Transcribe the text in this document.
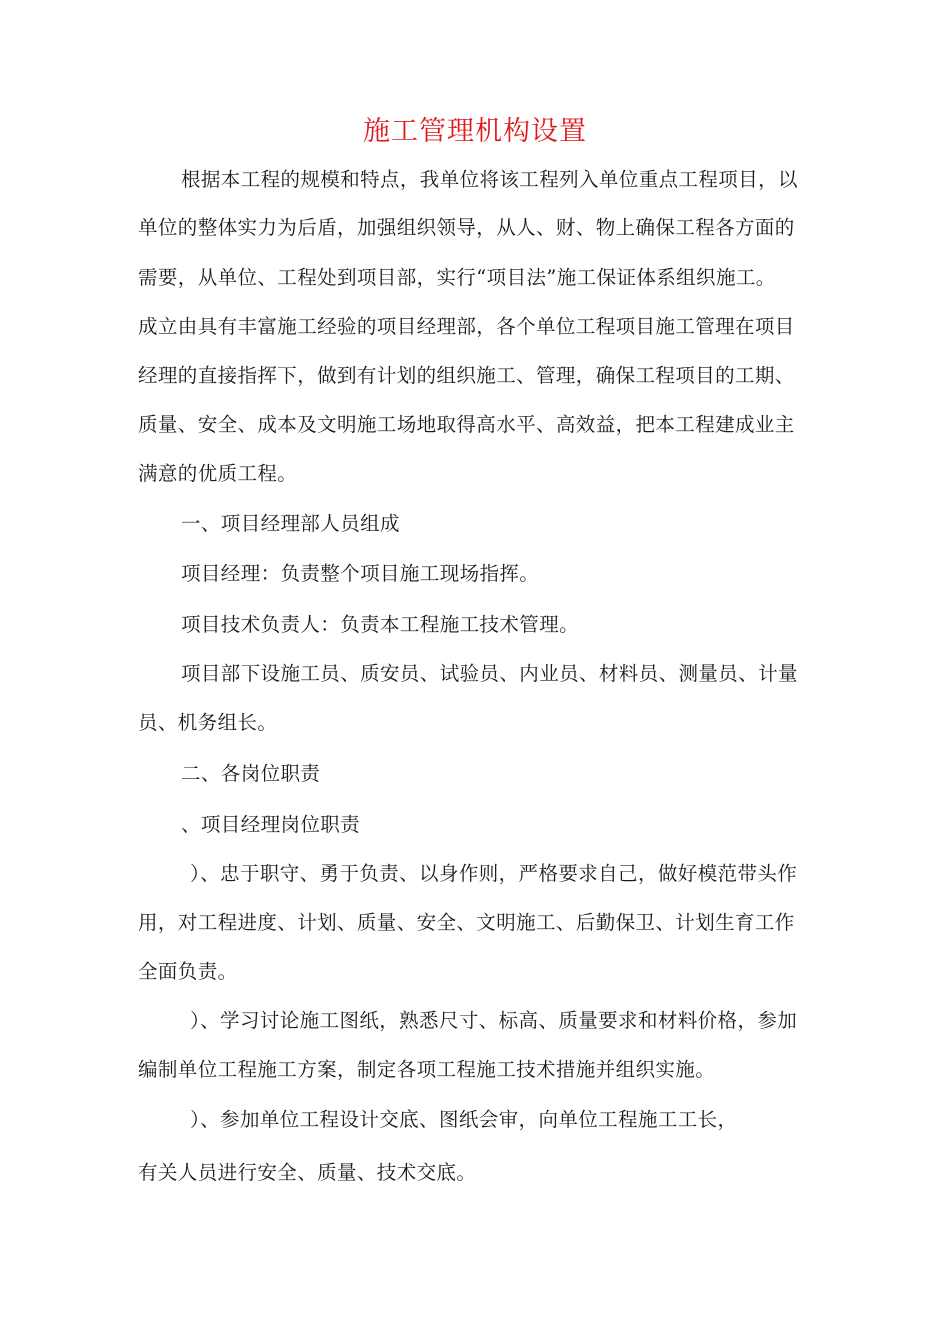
施工管理机构设置
根据本工程的规模和特点，我单位将该工程列入单位重点工程项目，以
单位的整体实力为后盾，加强组织领导，从人、财、物上确保工程各方面的
需要，从单位、工程处到项目部，实行“项目法”施工保证体系组织施工。
成立由具有丰富施工经验的项目经理部，各个单位工程项目施工管理在项目
经理的直接指挥下，做到有计划的组织施工、管理，确保工程项目的工期、
质量、安全、成本及文明施工场地取得高水平、高效益，把本工程建成业主
满意的优质工程。
一、项目经理部人员组成
项目经理：负责整个项目施工现场指挥。
项目技术负责人：负责本工程施工技术管理。
项目部下设施工员、质安员、试验员、内业员、材料员、测量员、计量
员、机务组长。
二、各岗位职责
、项目经理岗位职责
）、忠于职守、勇于负责、以身作则，严格要求自己，做好模范带头作
用，对工程进度、计划、质量、安全、文明施工、后勤保卫、计划生育工作
全面负责。
）、学习讨论施工图纸，熟悉尺寸、标高、质量要求和材料价格，参加
编制单位工程施工方案，制定各项工程施工技术措施并组织实施。
）、参加单位工程设计交底、图纸会审，向单位工程施工工长，
有关人员进行安全、质量、技术交底。
